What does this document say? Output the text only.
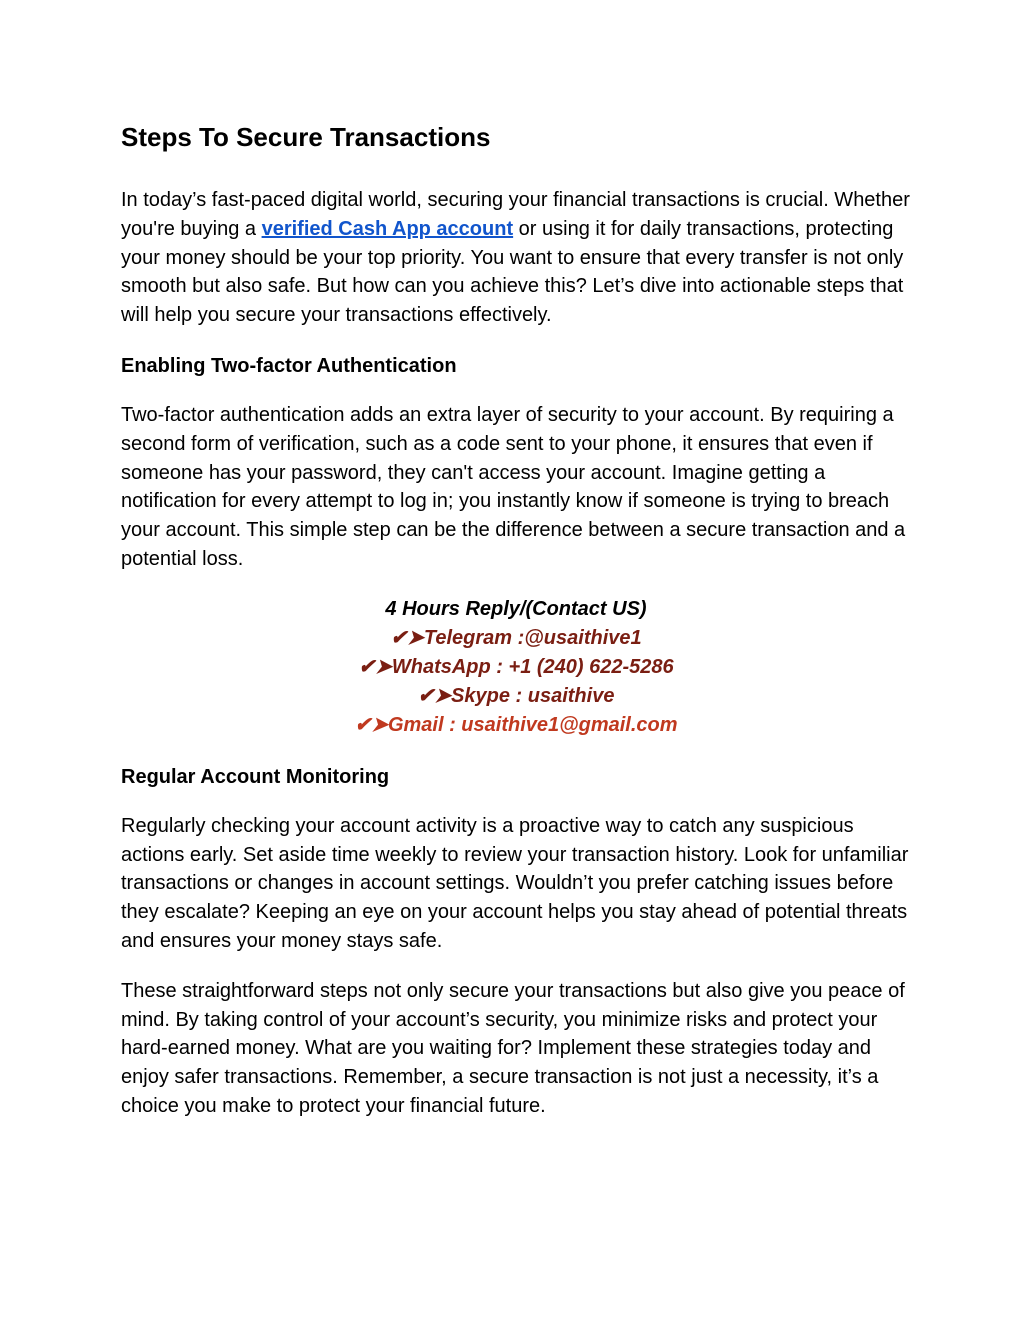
Steps To Secure Transactions

In today’s fast-paced digital world, securing your financial transactions is crucial. Whether you're buying a verified Cash App account or using it for daily transactions, protecting your money should be your top priority. You want to ensure that every transfer is not only smooth but also safe. But how can you achieve this? Let’s dive into actionable steps that will help you secure your transactions effectively.

Enabling Two-factor Authentication

Two-factor authentication adds an extra layer of security to your account. By requiring a second form of verification, such as a code sent to your phone, it ensures that even if someone has your password, they can't access your account. Imagine getting a notification for every attempt to log in; you instantly know if someone is trying to breach your account. This simple step can be the difference between a secure transaction and a potential loss.

4 Hours Reply/(Contact US)
✔➤Telegram :@usaithive1
✔➤WhatsApp : +1 (240) 622-5286
✔➤Skype : usaithive
✔➤Gmail : usaithive1@gmail.com
Regular Account Monitoring

Regularly checking your account activity is a proactive way to catch any suspicious actions early. Set aside time weekly to review your transaction history. Look for unfamiliar transactions or changes in account settings. Wouldn’t you prefer catching issues before they escalate? Keeping an eye on your account helps you stay ahead of potential threats and ensures your money stays safe.

These straightforward steps not only secure your transactions but also give you peace of mind. By taking control of your account’s security, you minimize risks and protect your hard-earned money. What are you waiting for? Implement these strategies today and enjoy safer transactions. Remember, a secure transaction is not just a necessity, it’s a choice you make to protect your financial future.
